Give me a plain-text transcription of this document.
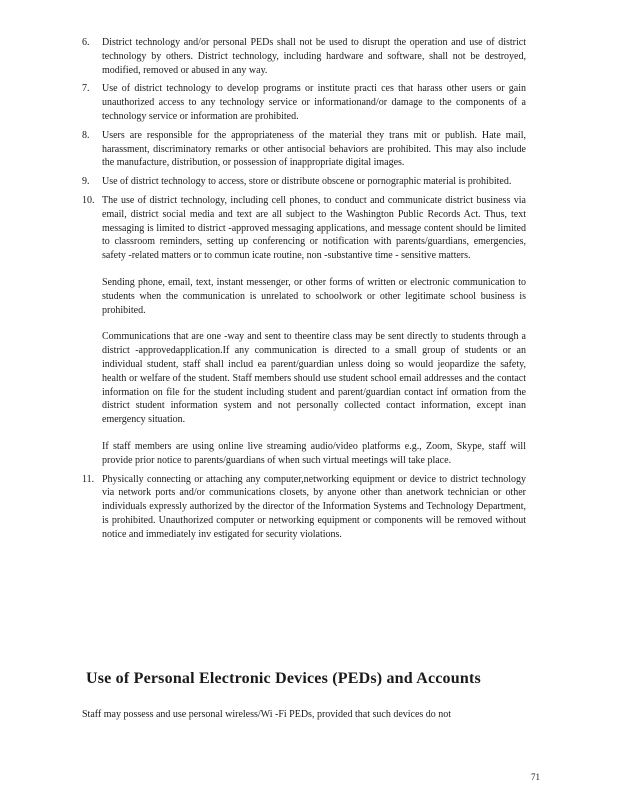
6. District technology and/or personal PEDs shall not be used to disrupt the operation and use of district technology by others. District technology, including hardware and software, shall not be destroyed, modified, removed or abused in any way.

7. Use of district technology to develop programs or institute practi ces that harass other users or gain unauthorized access to any technology service or informationand/or damage to the components of a technology service or information are prohibited.

8. Users are responsible for the appropriateness of the material they trans mit or publish. Hate mail, harassment, discriminatory remarks or other antisocial behaviors are prohibited. This may also include the manufacture, distribution, or possession of inappropriate digital images.

9. Use of district technology to access, store or distribute obscene or pornographic material is prohibited.

10. The use of district technology, including cell phones, to conduct and communicate district business via email, district social media and text are all subject to the Washington Public Records Act. Thus, text messaging is limited to district -approved messaging applications, and message content should be limited to classroom reminders, setting up conferencing or notification with parents/guardians, emergencies, safety -related matters or to commun icate routine, non -substantive time - sensitive matters.

Sending phone, email, text, instant messenger, or other forms of written or electronic communication to students when the communication is unrelated to schoolwork or other legitimate school business is prohibited.

Communications that are one -way and sent to theentire class may be sent directly to students through a district -approvedapplication.If any communication is directed to a small group of students or an individual student, staff shall includ ea parent/guardian unless doing so would jeopardize the safety, health or welfare of the student. Staff members should use student school email addresses and the contact information on file for the student including student and parent/guardian contact inf ormation from the district student information system and not personally collected contact information, except inan emergency situation.

If staff members are using online live streaming audio/video platforms e.g., Zoom, Skype, staff will provide prior notice to parents/guardians of when such virtual meetings will take place.

11. Physically connecting or attaching any computer,networking equipment or device to district technology via network ports and/or communications closets, by anyone other than anetwork technician or other individuals expressly authorized by the director of the Information Systems and Technology Department, is prohibited. Unauthorized computer or networking equipment or components will be removed without notice and immediately inv estigated for security violations.

Use of Personal Electronic Devices (PEDs) and Accounts

Staff may possess and use personal wireless/Wi -Fi PEDs, provided that such devices do not

71
